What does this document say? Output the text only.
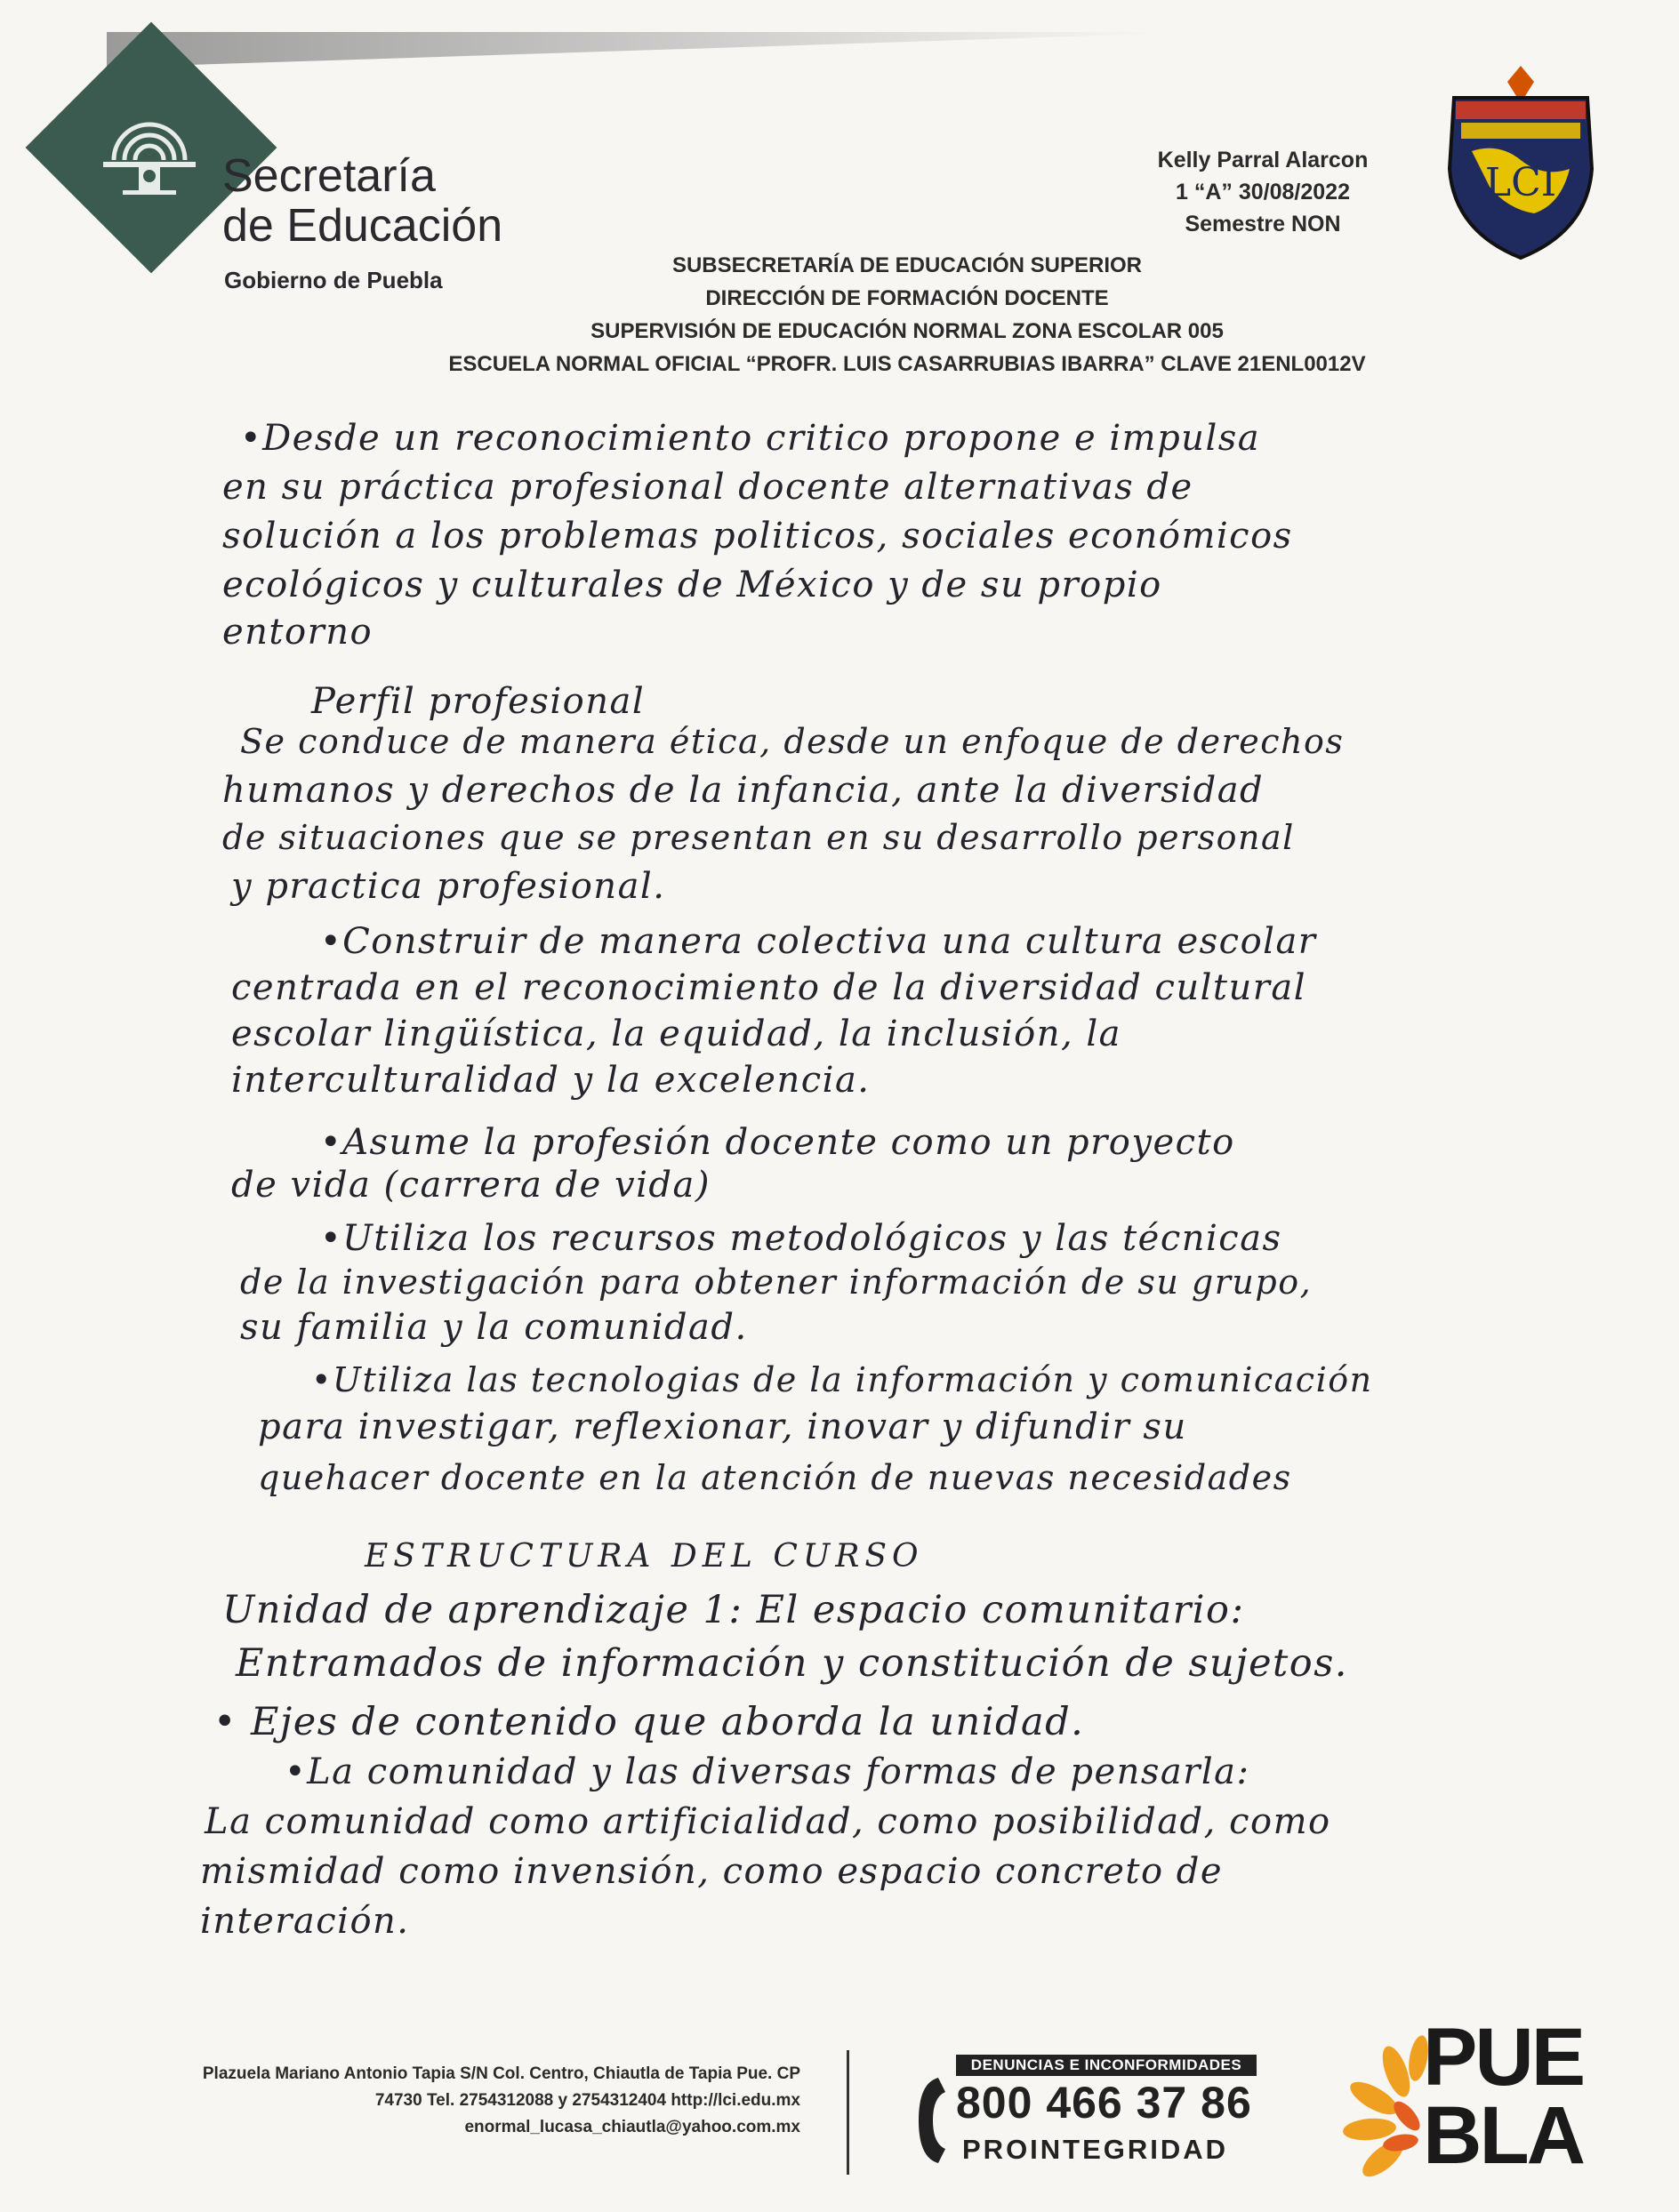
Secretaría
de Educación
Gobierno de Puebla
Kelly Parral Alarcon
1 “A” 30/08/2022
Semestre NON
LCI
SUBSECRETARÍA DE EDUCACIÓN SUPERIOR
DIRECCIÓN DE FORMACIÓN DOCENTE
SUPERVISIÓN DE EDUCACIÓN NORMAL ZONA ESCOLAR 005
ESCUELA NORMAL OFICIAL “PROFR. LUIS CASARRUBIAS IBARRA” CLAVE 21ENL0012V
•Desde un reconocimiento critico propone e impulsa
en su práctica profesional docente alternativas de
solución a los problemas politicos, sociales económicos
ecológicos y culturales de México y de su propio
entorno
Perfil profesional
Se conduce de manera ética, desde un enfoque de derechos
humanos y derechos de la infancia, ante la diversidad
de situaciones que se presentan en su desarrollo personal
y practica profesional.
•Construir de manera colectiva una cultura escolar
centrada en el reconocimiento de la diversidad cultural
escolar lingüística, la equidad, la inclusión, la
interculturalidad y la excelencia.
•Asume la profesión docente como un proyecto
de vida (carrera de vida)
•Utiliza los recursos metodológicos y las técnicas
de la investigación para obtener información de su grupo,
su familia y la comunidad.
•Utiliza las tecnologias de la información y comunicación
para investigar, reflexionar, inovar y difundir su
quehacer docente en la atención de nuevas necesidades
ESTRUCTURA DEL CURSO
Unidad de aprendizaje 1: El espacio comunitario:
Entramados de información y constitución de sujetos.
• Ejes de contenido que aborda la unidad.
•La comunidad y las diversas formas de pensarla:
La comunidad como artificialidad, como posibilidad, como
mismidad como invensión, como espacio concreto de
interación.
Plazuela Mariano Antonio Tapia S/N Col. Centro, Chiautla de Tapia Pue. CP
74730 Tel. 2754312088 y 2754312404 http://lci.edu.mx
enormal_lucasa_chiautla@yahoo.com.mx
DENUNCIAS E INCONFORMIDADES
800 466 37 86
PROINTEGRIDAD
PUE
BLA
